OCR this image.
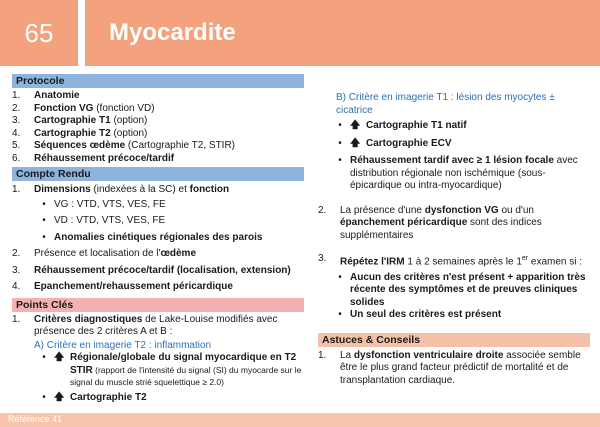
65	Myocardite
Protocole
1.	Anatomie
2.	Fonction VG (fonction VD)
3.	Cartographie T1 (option)
4.	Cartographie T2 (option)
5.	Séquences œdème (Cartographie T2, STIR)
6.	Réhaussement précoce/tardif
Compte Rendu
1.	Dimensions (indexées à la SC) et fonction
• VG : VTD, VTS, VES, FE
• VD : VTD, VTS, VES, FE
• Anomalies cinétiques régionales des parois
2.	Présence et localisation de l'œdème
3.	Réhaussement précoce/tardif (localisation, extension)
4.	Epanchement/rehaussement péricardique
Points Clés
1.	Critères diagnostiques de Lake-Louise modifiés avec présence des 2 critères A et B :
A) Critère en imagerie T2 : inflammation
• 🡅 Régionale/globale du signal myocardique en T2 STIR (rapport de l'intensité du signal (SI) du myocarde sur le signal du muscle strié squelettique ≥ 2.0)
• 🡅 Cartographie T2
B) Critère en imagerie T1 : lésion des myocytes ± cicatrice
• 🡅 Cartographie T1 natif
• 🡅 Cartographie ECV
• Réhaussement tardif avec ≥ 1 lésion focale avec distribution régionale non ischémique (sous-épicardique ou intra-myocardique)
2.	La présence d'une dysfonction VG ou d'un épanchement péricardique sont des indices supplémentaires
3.	Répétez l'IRM 1 à 2 semaines après le 1er examen si :
• Aucun des critères n'est présent + apparition très récente des symptômes et de preuves cliniques solides
• Un seul des critères est présent
Astuces & Conseils
1.	La dysfonction ventriculaire droite associée semble être le plus grand facteur prédictif de mortalité et de transplantation cardiaque.
Référence 41
